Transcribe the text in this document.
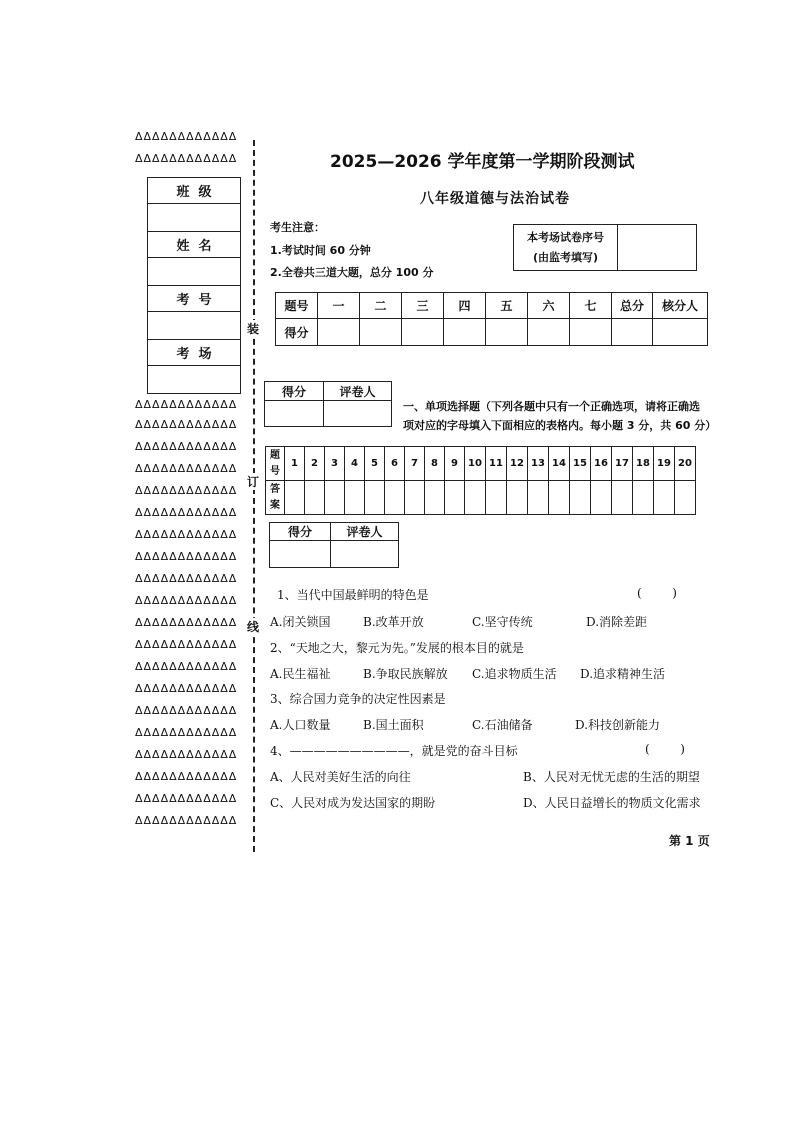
ΔΔΔΔΔΔΔΔΔΔΔΔ
ΔΔΔΔΔΔΔΔΔΔΔΔ
ΔΔΔΔΔΔΔΔΔΔΔΔ
ΔΔΔΔΔΔΔΔΔΔΔΔ
ΔΔΔΔΔΔΔΔΔΔΔΔ
ΔΔΔΔΔΔΔΔΔΔΔΔ
ΔΔΔΔΔΔΔΔΔΔΔΔ
ΔΔΔΔΔΔΔΔΔΔΔΔ
ΔΔΔΔΔΔΔΔΔΔΔΔ
ΔΔΔΔΔΔΔΔΔΔΔΔ
ΔΔΔΔΔΔΔΔΔΔΔΔ
ΔΔΔΔΔΔΔΔΔΔΔΔ
ΔΔΔΔΔΔΔΔΔΔΔΔ
ΔΔΔΔΔΔΔΔΔΔΔΔ
ΔΔΔΔΔΔΔΔΔΔΔΔ
ΔΔΔΔΔΔΔΔΔΔΔΔ
ΔΔΔΔΔΔΔΔΔΔΔΔ
ΔΔΔΔΔΔΔΔΔΔΔΔ
ΔΔΔΔΔΔΔΔΔΔΔΔ
ΔΔΔΔΔΔΔΔΔΔΔΔ
ΔΔΔΔΔΔΔΔΔΔΔΔ
ΔΔΔΔΔΔΔΔΔΔΔΔ
装
订
线
班  级

姓  名

考  号

考  场

2025—2026 学年度第一学期阶段测试
八年级道德与法治试卷
考生注意：
1.考试时间 60 分钟
2.全卷共三道大题，总分 100 分
本考场试卷序号
(由监考填写)

题号	一	二	三	四	五	六	七	总分	核分人
得分									
得分	评卷人

一、单项选择题（下列各题中只有一个正确选项，请将正确选
项对应的字母填入下面相应的表格内。每小题 3 分，共 60 分）
题号	1	2	3	4	5	6	7	8	9	10	11	12	13	14	15	16	17	18	19	20
答案																				
得分	评卷人

1、当代中国最鲜明的特色是	(        )
A.闭关锁国	B.改革开放	C.坚守传统	D.消除差距
2、“天地之大，黎元为先。”发展的根本目的就是
A.民生福祉	B.争取民族解放 C.追求物质生活 D.追求精神生活
3、综合国力竞争的决定性因素是
A.人口数量	B.国土面积	C.石油储备	D.科技创新能力
4、——————————，就是党的奋斗目标	(        )
A、人民对美好生活的向往	B、人民对无忧无虑的生活的期望
C、人民对成为发达国家的期盼	D、人民日益增长的物质文化需求
第 1 页
